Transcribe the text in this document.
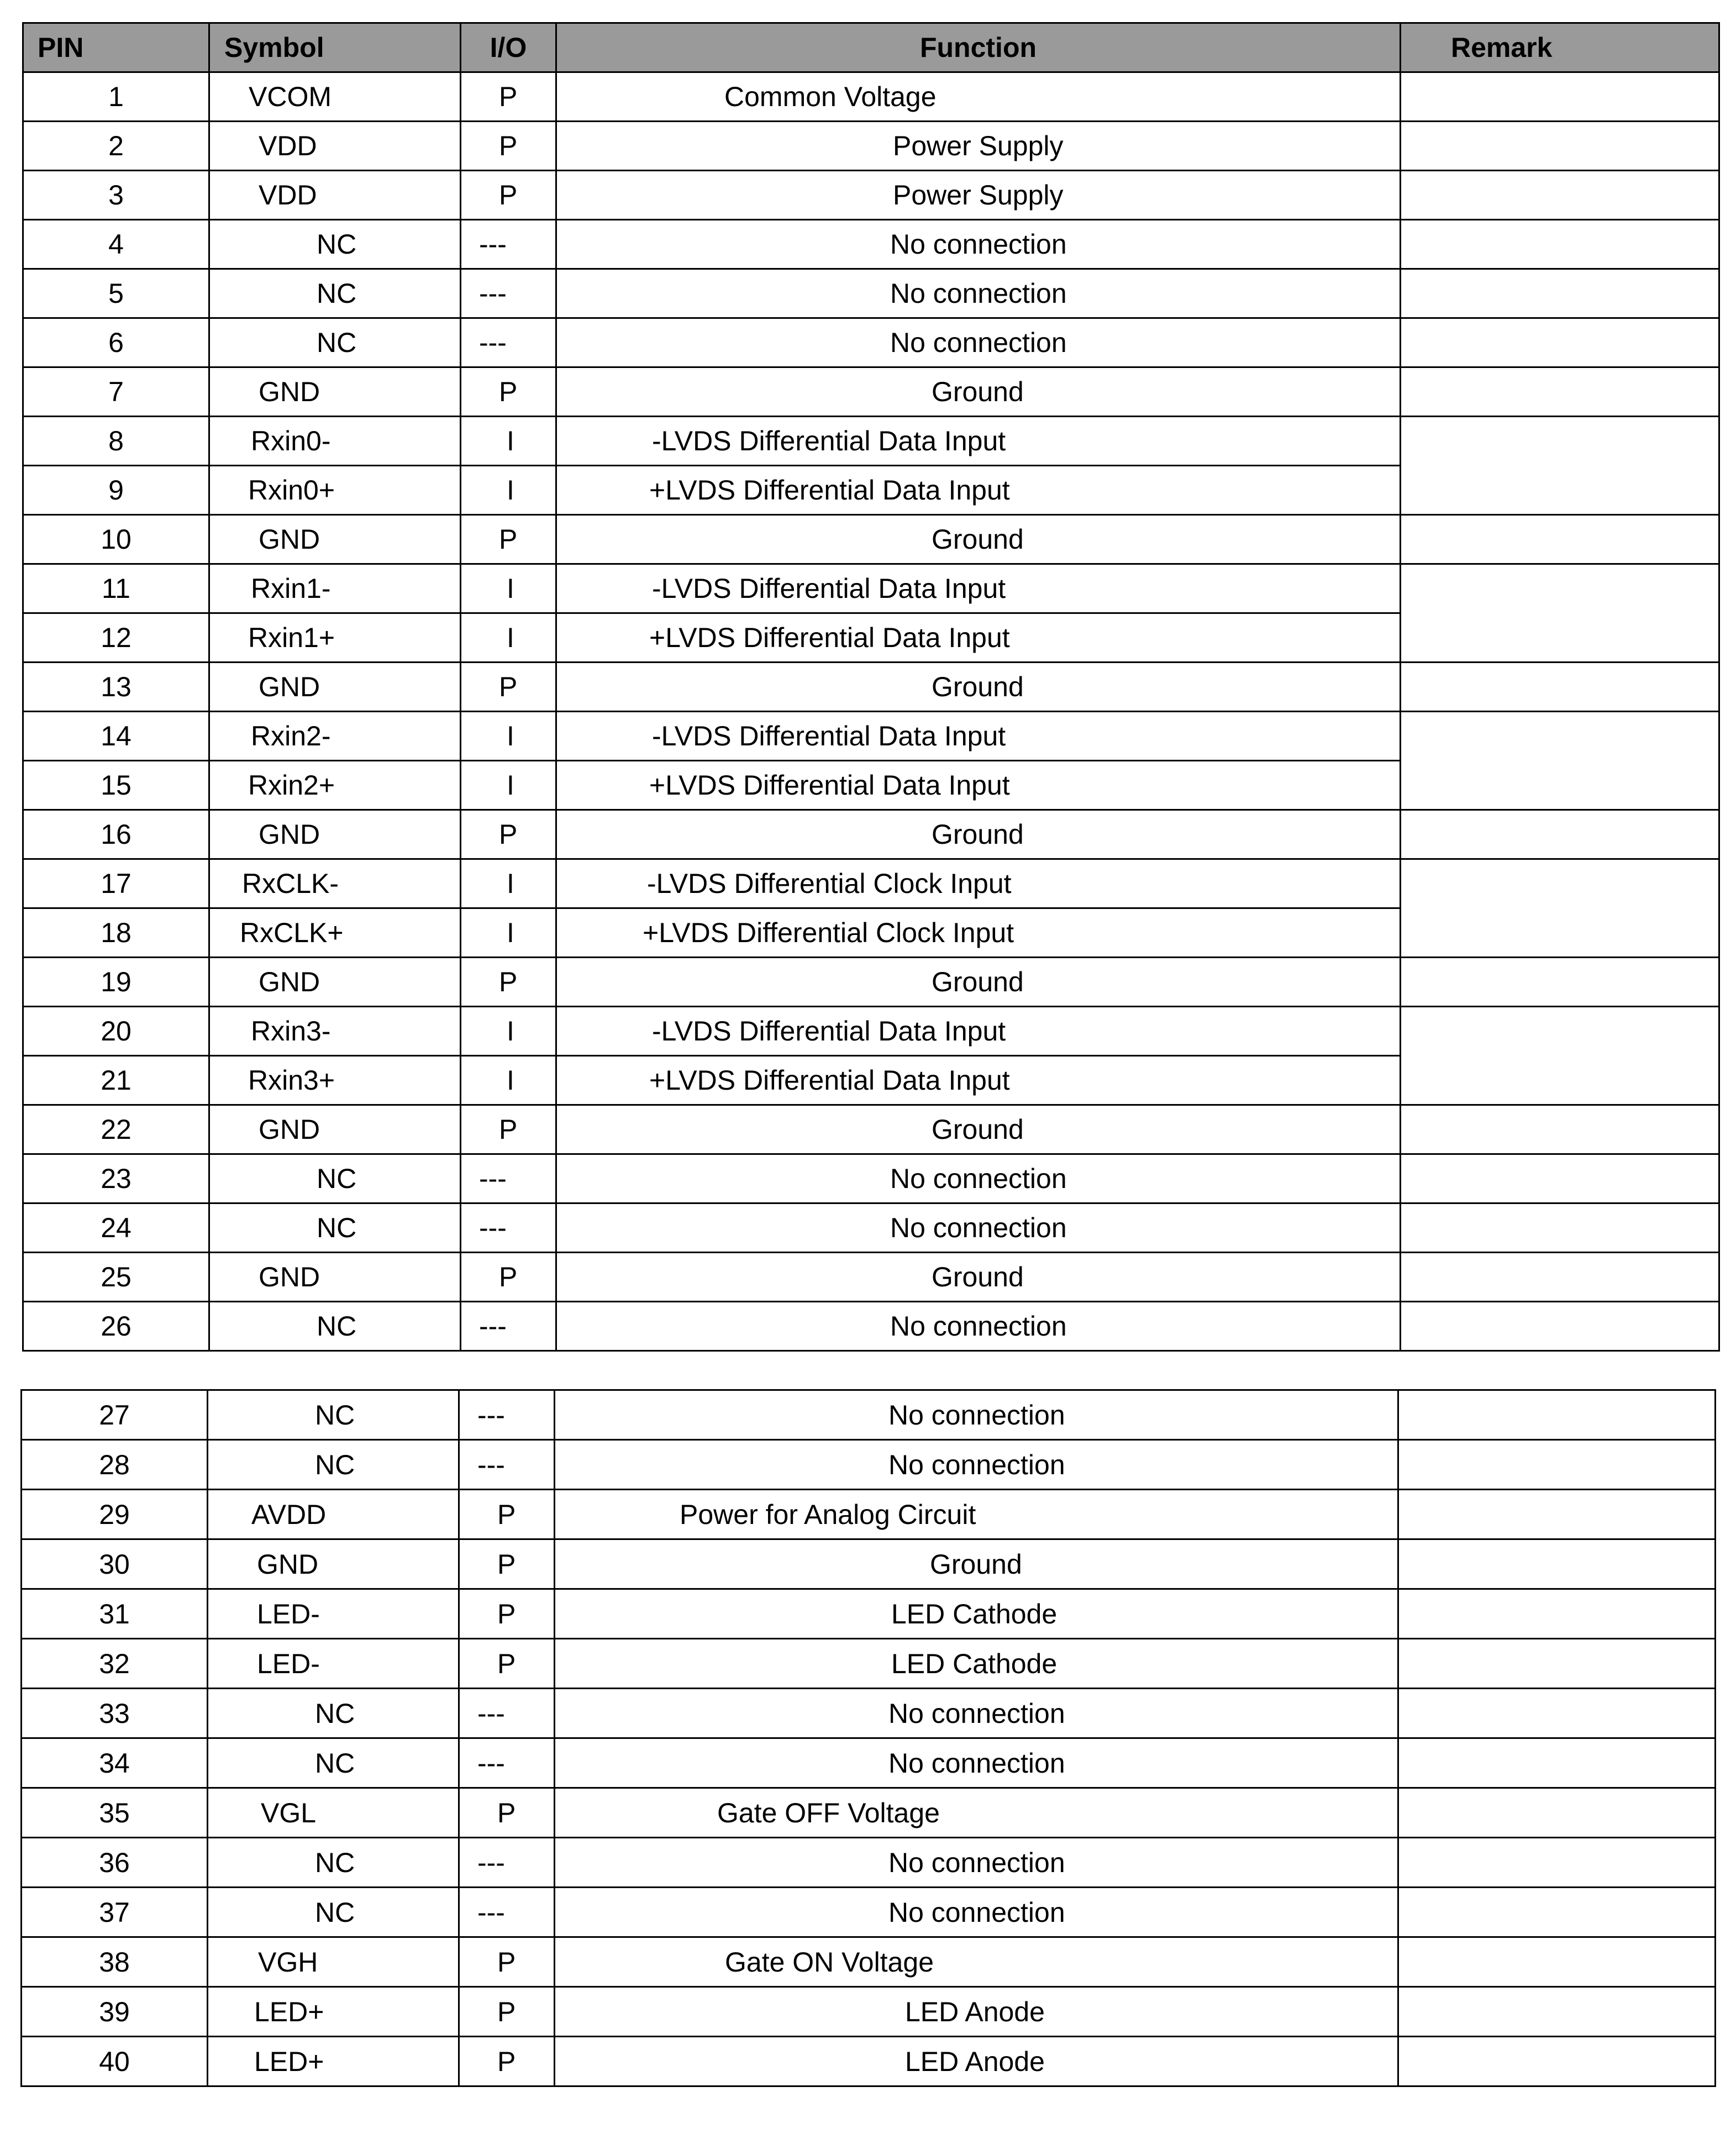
PIN	Symbol	I/O	Function	Remark
1	VCOM	P	Common Voltage	
2	VDD	P	Power Supply	
3	VDD	P	Power Supply	
4	NC	---	No connection	
5	NC	---	No connection	
6	NC	---	No connection	
7	GND	P	Ground	
8	Rxin0-	I	-LVDS Differential Data Input	
9	Rxin0+	I	+LVDS Differential Data Input	
10	GND	P	Ground	
11	Rxin1-	I	-LVDS Differential Data Input	
12	Rxin1+	I	+LVDS Differential Data Input	
13	GND	P	Ground	
14	Rxin2-	I	-LVDS Differential Data Input	
15	Rxin2+	I	+LVDS Differential Data Input	
16	GND	P	Ground	
17	RxCLK-	I	-LVDS Differential Clock Input	
18	RxCLK+	I	+LVDS Differential Clock Input	
19	GND	P	Ground	
20	Rxin3-	I	-LVDS Differential Data Input	
21	Rxin3+	I	+LVDS Differential Data Input	
22	GND	P	Ground	
23	NC	---	No connection	
24	NC	---	No connection	
25	GND	P	Ground	
26	NC	---	No connection	
27	NC	---	No connection	
28	NC	---	No connection	
29	AVDD	P	Power for Analog Circuit	
30	GND	P	Ground	
31	LED-	P	LED Cathode	
32	LED-	P	LED Cathode	
33	NC	---	No connection	
34	NC	---	No connection	
35	VGL	P	Gate OFF Voltage	
36	NC	---	No connection	
37	NC	---	No connection	
38	VGH	P	Gate ON Voltage	
39	LED+	P	LED Anode	
40	LED+	P	LED Anode	
